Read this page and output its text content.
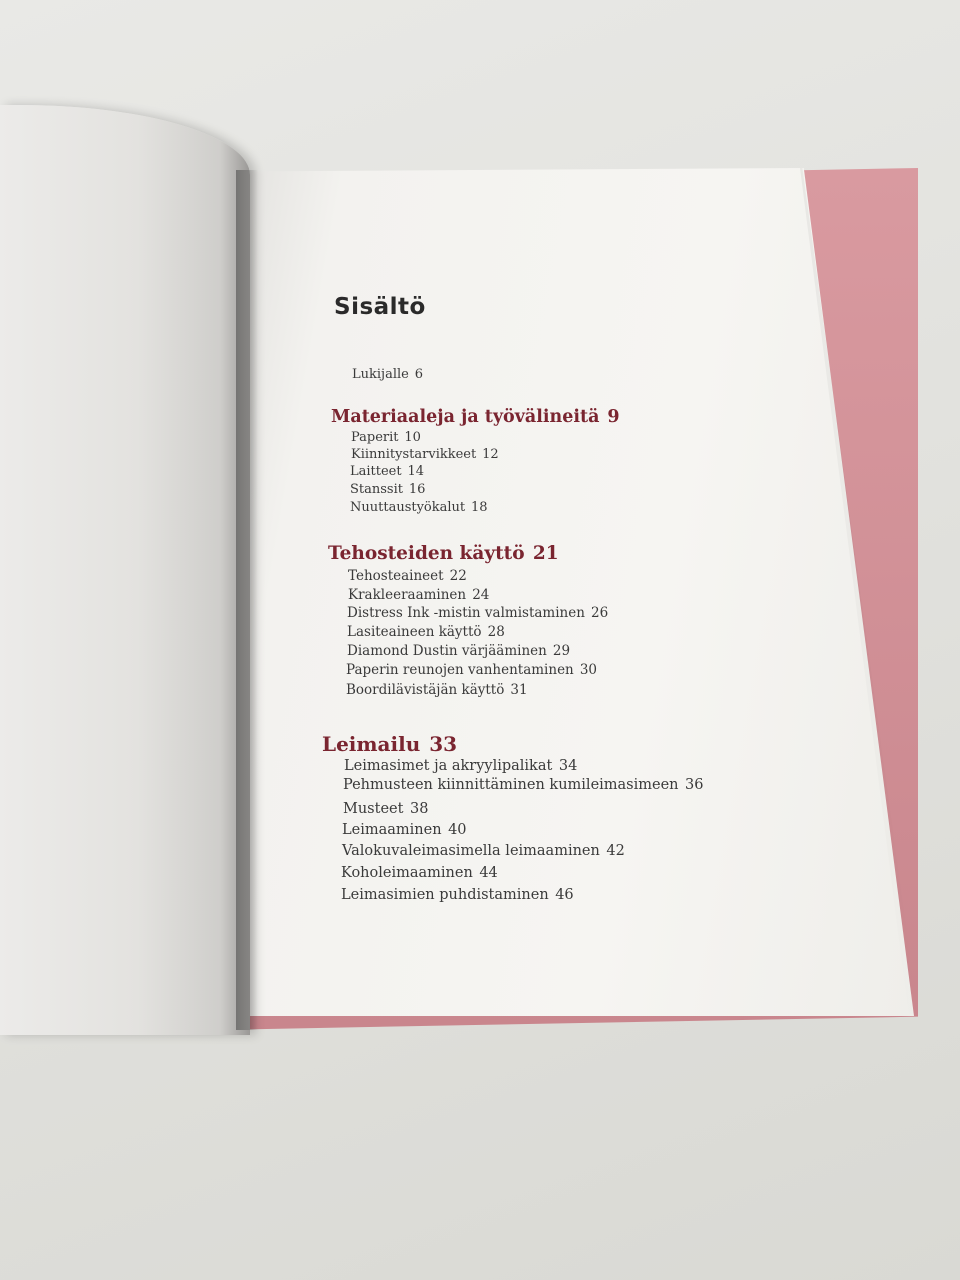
Sisältö
Lukijalle 6
Materiaaleja ja työvälineitä 9
Paperit 10
Kiinnitystarvikkeet 12
Laitteet 14
Stanssit 16
Nuuttaustyökalut 18
Tehosteiden käyttö 21
Tehosteaineet 22
Krakleeraaminen 24
Distress Ink -mistin valmistaminen 26
Lasiteaineen käyttö 28
Diamond Dustin värjääminen 29
Paperin reunojen vanhentaminen 30
Boordilävistäjän käyttö 31
Leimailu 33
Leimasimet ja akryylipalikat 34
Pehmusteen kiinnittäminen kumileimasimeen 36
Musteet 38
Leimaaminen 40
Valokuvaleimasimella leimaaminen 42
Koholeimaaminen 44
Leimasimien puhdistaminen 46
